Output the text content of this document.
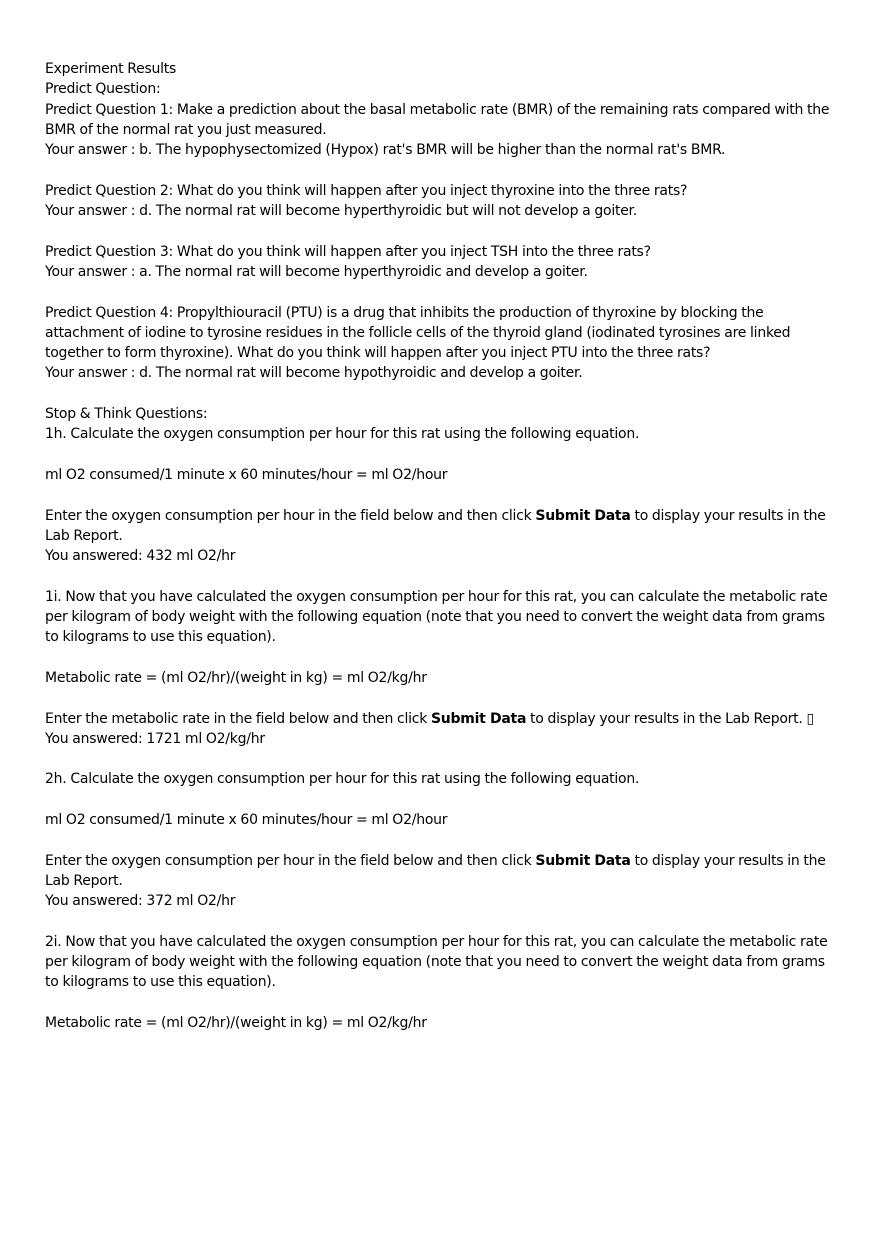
Experiment Results
Predict Question:
Predict Question 1: Make a prediction about the basal metabolic rate (BMR) of the remaining rats compared with the BMR of the normal rat you just measured.
Your answer : b. The hypophysectomized (Hypox) rat's BMR will be higher than the normal rat's BMR.
Predict Question 2: What do you think will happen after you inject thyroxine into the three rats?
Your answer : d. The normal rat will become hyperthyroidic but will not develop a goiter.
Predict Question 3: What do you think will happen after you inject TSH into the three rats?
Your answer : a. The normal rat will become hyperthyroidic and develop a goiter.
Predict Question 4: Propylthiouracil (PTU) is a drug that inhibits the production of thyroxine by blocking the attachment of iodine to tyrosine residues in the follicle cells of the thyroid gland (iodinated tyrosines are linked together to form thyroxine). What do you think will happen after you inject PTU into the three rats?
Your answer : d. The normal rat will become hypothyroidic and develop a goiter.
Stop & Think Questions:
1h. Calculate the oxygen consumption per hour for this rat using the following equation.
ml O2 consumed/1 minute x 60 minutes/hour = ml O2/hour
Enter the oxygen consumption per hour in the field below and then click Submit Data to display your results in the Lab Report.
You answered: 432 ml O2/hr
1i. Now that you have calculated the oxygen consumption per hour for this rat, you can calculate the metabolic rate per kilogram of body weight with the following equation (note that you need to convert the weight data from grams to kilograms to use this equation).
Metabolic rate = (ml O2/hr)/(weight in kg) = ml O2/kg/hr
Enter the metabolic rate in the field below and then click Submit Data to display your results in the Lab Report. ▯
You answered: 1721 ml O2/kg/hr
2h. Calculate the oxygen consumption per hour for this rat using the following equation.
ml O2 consumed/1 minute x 60 minutes/hour = ml O2/hour
Enter the oxygen consumption per hour in the field below and then click Submit Data to display your results in the Lab Report.
You answered: 372 ml O2/hr
2i. Now that you have calculated the oxygen consumption per hour for this rat, you can calculate the metabolic rate per kilogram of body weight with the following equation (note that you need to convert the weight data from grams to kilograms to use this equation).
Metabolic rate = (ml O2/hr)/(weight in kg) = ml O2/kg/hr
